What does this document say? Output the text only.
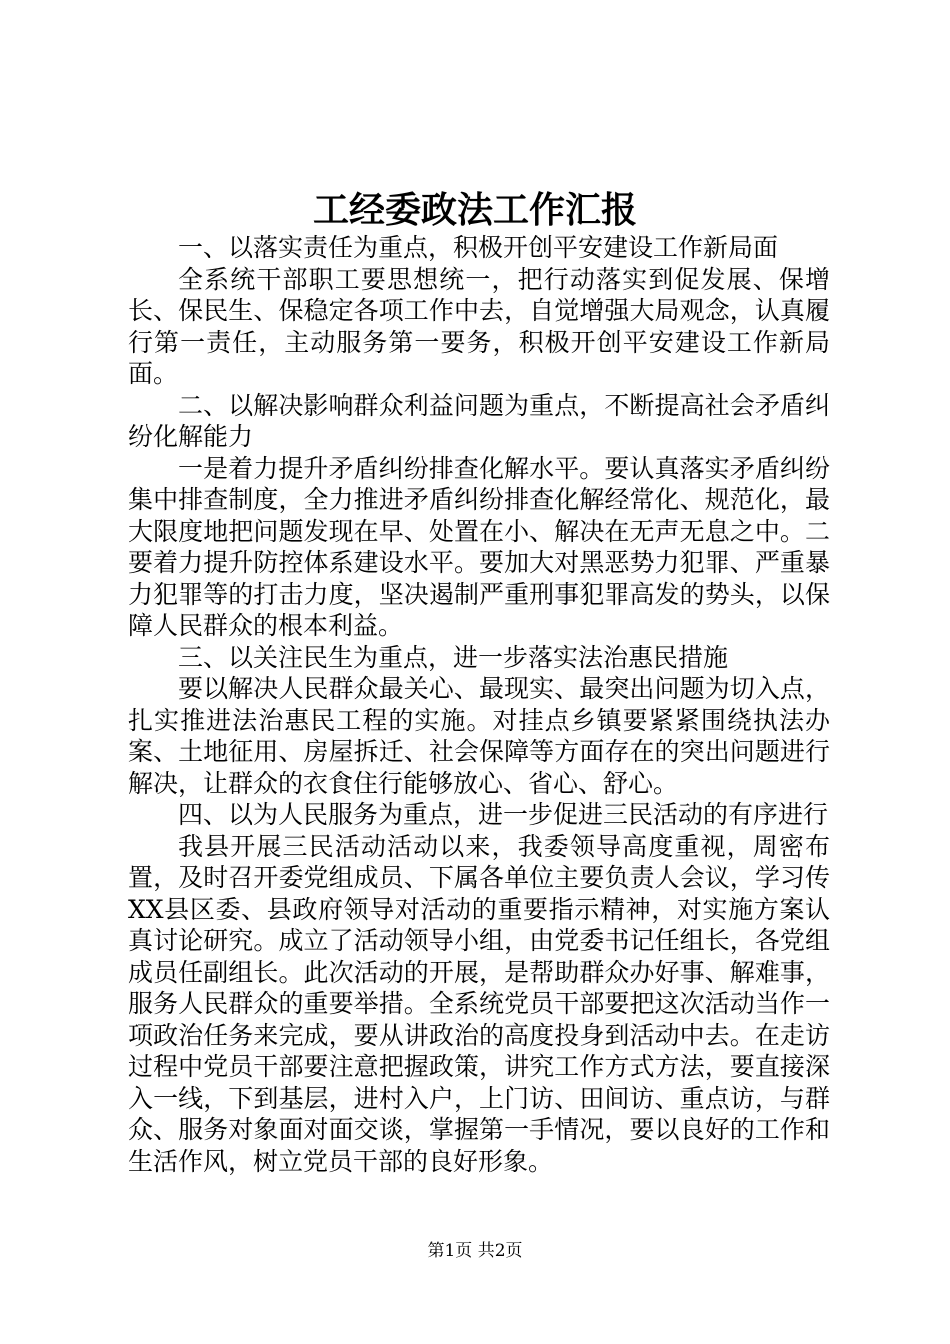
工经委政法工作汇报

一、以落实责任为重点，积极开创平安建设工作新局面

全系统干部职工要思想统一，把行动落实到促发展、保增长、保民生、保稳定各项工作中去，自觉增强大局观念，认真履行第一责任，主动服务第一要务，积极开创平安建设工作新局面。

二、以解决影响群众利益问题为重点，不断提高社会矛盾纠纷化解能力

一是着力提升矛盾纠纷排查化解水平。要认真落实矛盾纠纷集中排查制度，全力推进矛盾纠纷排查化解经常化、规范化，最大限度地把问题发现在早、处置在小、解决在无声无息之中。二要着力提升防控体系建设水平。要加大对黑恶势力犯罪、严重暴力犯罪等的打击力度，坚决遏制严重刑事犯罪高发的势头，以保障人民群众的根本利益。

三、以关注民生为重点，进一步落实法治惠民措施

要以解决人民群众最关心、最现实、最突出问题为切入点，扎实推进法治惠民工程的实施。对挂点乡镇要紧紧围绕执法办案、土地征用、房屋拆迁、社会保障等方面存在的突出问题进行解决，让群众的衣食住行能够放心、省心、舒心。

四、以为人民服务为重点，进一步促进三民活动的有序进行

我县开展三民活动活动以来，我委领导高度重视，周密布置，及时召开委党组成员、下属各单位主要负责人会议，学习传XX县区委、县政府领导对活动的重要指示精神，对实施方案认真讨论研究。成立了活动领导小组，由党委书记任组长，各党组成员任副组长。此次活动的开展，是帮助群众办好事、解难事，服务人民群众的重要举措。全系统党员干部要把这次活动当作一项政治任务来完成，要从讲政治的高度投身到活动中去。在走访过程中党员干部要注意把握政策，讲究工作方式方法，要直接深入一线，下到基层，进村入户，上门访、田间访、重点访，与群众、服务对象面对面交谈，掌握第一手情况，要以良好的工作和生活作风，树立党员干部的良好形象。

第1页 共2页
